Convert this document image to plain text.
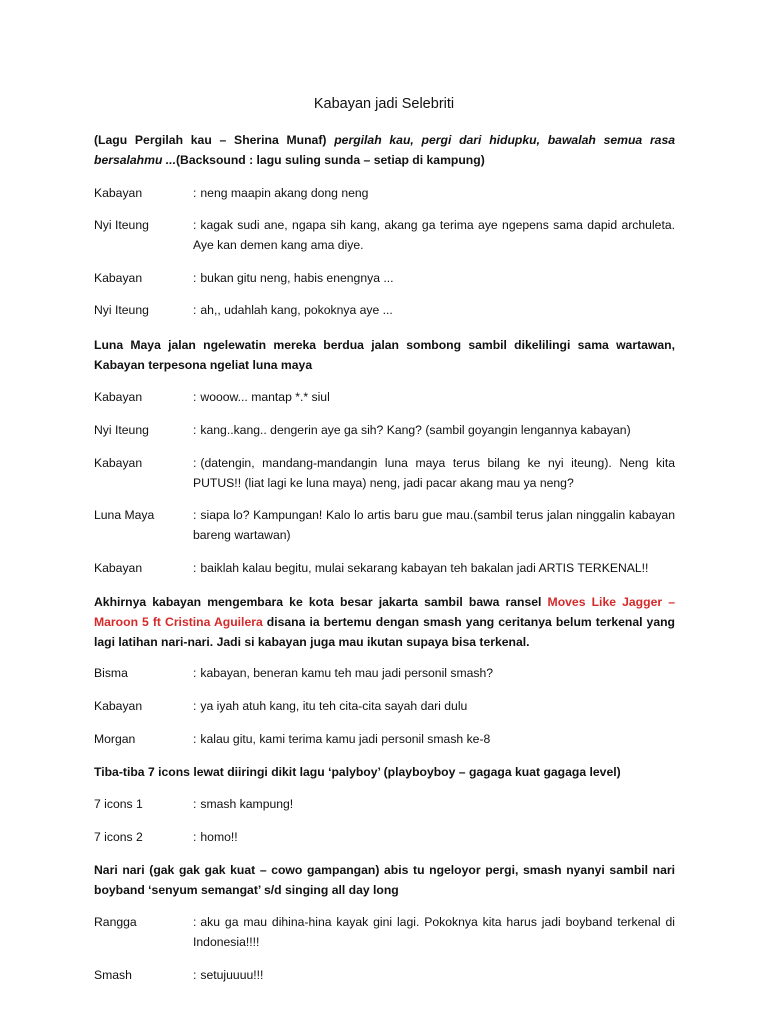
Kabayan jadi Selebriti
(Lagu Pergilah kau – Sherina Munaf) pergilah kau, pergi dari hidupku, bawalah semua rasa bersalahmu ...(Backsound : lagu suling sunda – setiap di kampung)
Kabayan	: neng maapin akang dong neng
Nyi Iteung	: kagak sudi ane, ngapa sih kang, akang ga terima aye ngepens sama dapid archuleta. Aye kan demen kang ama diye.
Kabayan	: bukan gitu neng, habis enengnya ...
Nyi Iteung	: ah,, udahlah kang, pokoknya aye ...
Luna Maya jalan ngelewatin mereka berdua jalan sombong sambil dikelilingi sama wartawan, Kabayan terpesona ngeliat luna maya
Kabayan	: wooow... mantap *.* siul
Nyi Iteung	: kang..kang.. dengerin aye ga sih? Kang? (sambil goyangin lengannya kabayan)
Kabayan	: (datengin, mandang-mandangin luna maya terus bilang ke nyi iteung). Neng kita PUTUS!! (liat lagi ke luna maya) neng, jadi pacar akang mau ya neng?
Luna Maya	: siapa lo? Kampungan! Kalo lo artis baru gue mau.(sambil terus jalan ninggalin kabayan bareng wartawan)
Kabayan	: baiklah kalau begitu, mulai sekarang kabayan teh bakalan jadi ARTIS TERKENAL!!
Akhirnya kabayan mengembara ke kota besar jakarta sambil bawa ransel Moves Like Jagger – Maroon 5 ft Cristina Aguilera disana ia bertemu dengan smash yang ceritanya belum terkenal yang lagi latihan nari-nari. Jadi si kabayan juga mau ikutan supaya bisa terkenal.
Bisma	: kabayan, beneran kamu teh mau jadi personil smash?
Kabayan	: ya iyah atuh kang, itu teh cita-cita sayah dari dulu
Morgan	: kalau gitu, kami terima kamu jadi personil smash ke-8
Tiba-tiba 7 icons lewat diiringi dikit lagu ‘palyboy’ (playboyboy – gagaga kuat gagaga level)
7 icons 1	: smash kampung!
7 icons 2	: homo!!
Nari nari (gak gak gak kuat – cowo gampangan) abis tu ngeloyor pergi, smash nyanyi sambil nari boyband ‘senyum semangat’ s/d singing all day long
Rangga	: aku ga mau dihina-hina kayak gini lagi. Pokoknya kita harus jadi boyband terkenal di Indonesia!!!!
Smash	: setujuuuu!!!
